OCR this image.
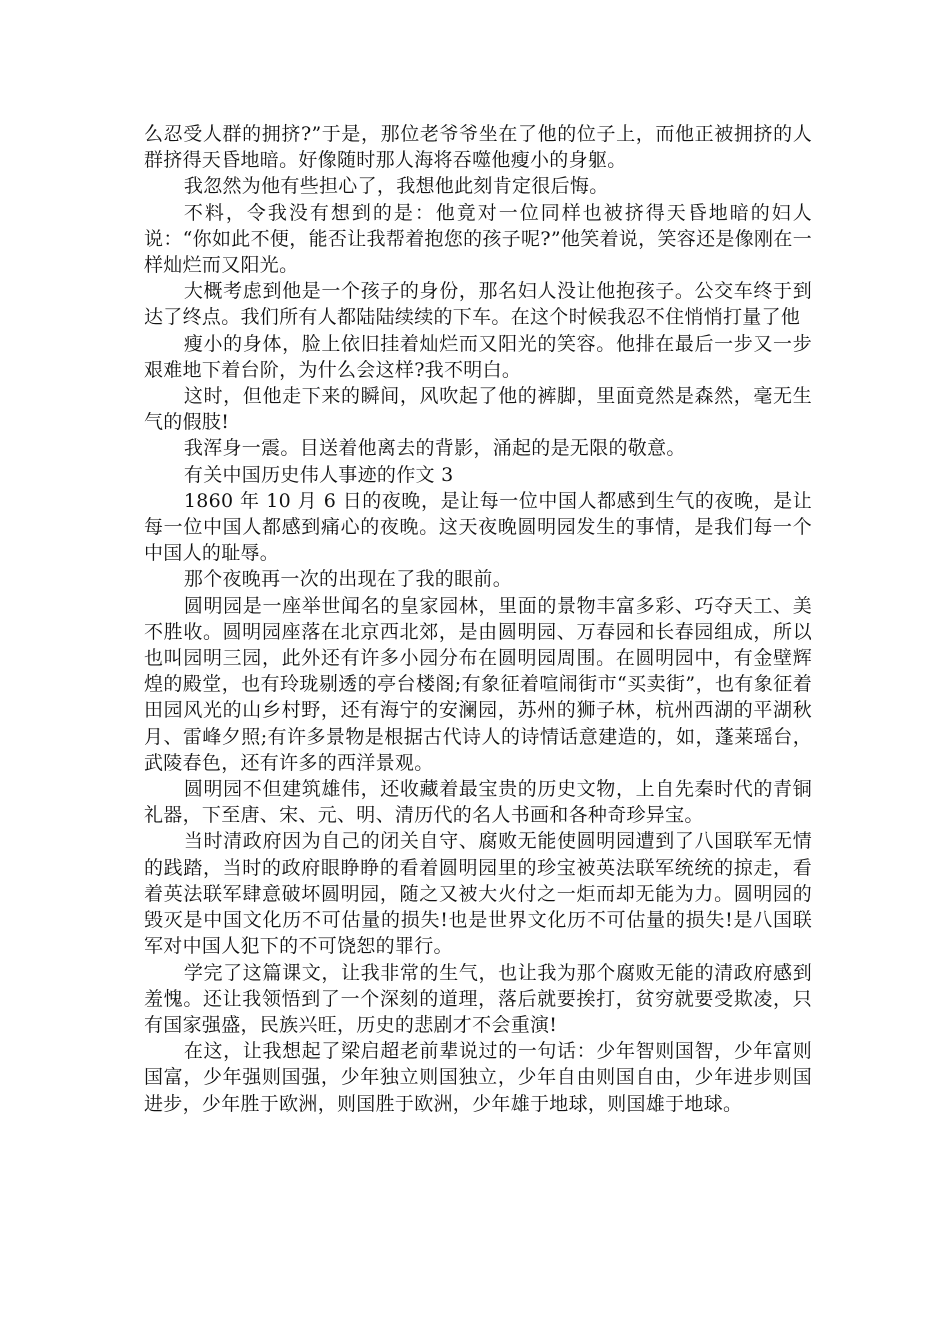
么忍受人群的拥挤?”于是，那位老爷爷坐在了他的位子上，而他正被拥挤的人群挤得天昏地暗。好像随时那人海将吞噬他瘦小的身躯。

我忽然为他有些担心了，我想他此刻肯定很后悔。

不料，令我没有想到的是：他竟对一位同样也被挤得天昏地暗的妇人说：“你如此不便，能否让我帮着抱您的孩子呢?”他笑着说，笑容还是像刚在一样灿烂而又阳光。

大概考虑到他是一个孩子的身份，那名妇人没让他抱孩子。公交车终于到达了终点。我们所有人都陆陆续续的下车。在这个时候我忍不住悄悄打量了他

瘦小的身体，脸上依旧挂着灿烂而又阳光的笑容。他排在最后一步又一步艰难地下着台阶，为什么会这样?我不明白。

这时，但他走下来的瞬间，风吹起了他的裤脚，里面竟然是森然，毫无生气的假肢!

我浑身一震。目送着他离去的背影，涌起的是无限的敬意。

有关中国历史伟人事迹的作文 3

1860 年 10 月 6 日的夜晚，是让每一位中国人都感到生气的夜晚，是让每一位中国人都感到痛心的夜晚。这天夜晚圆明园发生的事情，是我们每一个中国人的耻辱。

那个夜晚再一次的出现在了我的眼前。

圆明园是一座举世闻名的皇家园林，里面的景物丰富多彩、巧夺天工、美不胜收。圆明园座落在北京西北郊，是由圆明园、万春园和长春园组成，所以也叫园明三园，此外还有许多小园分布在圆明园周围。在圆明园中，有金壁辉煌的殿堂，也有玲珑剔透的亭台楼阁;有象征着喧闹街市“买卖街”，也有象征着田园风光的山乡村野，还有海宁的安澜园，苏州的狮子林，杭州西湖的平湖秋月、雷峰夕照;有许多景物是根据古代诗人的诗情话意建造的，如，蓬莱瑶台，武陵春色，还有许多的西洋景观。

圆明园不但建筑雄伟，还收藏着最宝贵的历史文物，上自先秦时代的青铜礼器，下至唐、宋、元、明、清历代的名人书画和各种奇珍异宝。

当时清政府因为自己的闭关自守、腐败无能使圆明园遭到了八国联军无情的践踏，当时的政府眼睁睁的看着圆明园里的珍宝被英法联军统统的掠走，看着英法联军肆意破坏圆明园，随之又被大火付之一炬而却无能为力。圆明园的毁灭是中国文化历不可估量的损失!也是世界文化历不可估量的损失!是八国联军对中国人犯下的不可饶恕的罪行。

学完了这篇课文，让我非常的生气，也让我为那个腐败无能的清政府感到羞愧。还让我领悟到了一个深刻的道理，落后就要挨打，贫穷就要受欺凌，只有国家强盛，民族兴旺，历史的悲剧才不会重演!

在这，让我想起了梁启超老前辈说过的一句话：少年智则国智，少年富则国富，少年强则国强，少年独立则国独立，少年自由则国自由，少年进步则国进步，少年胜于欧洲，则国胜于欧洲，少年雄于地球，则国雄于地球。
